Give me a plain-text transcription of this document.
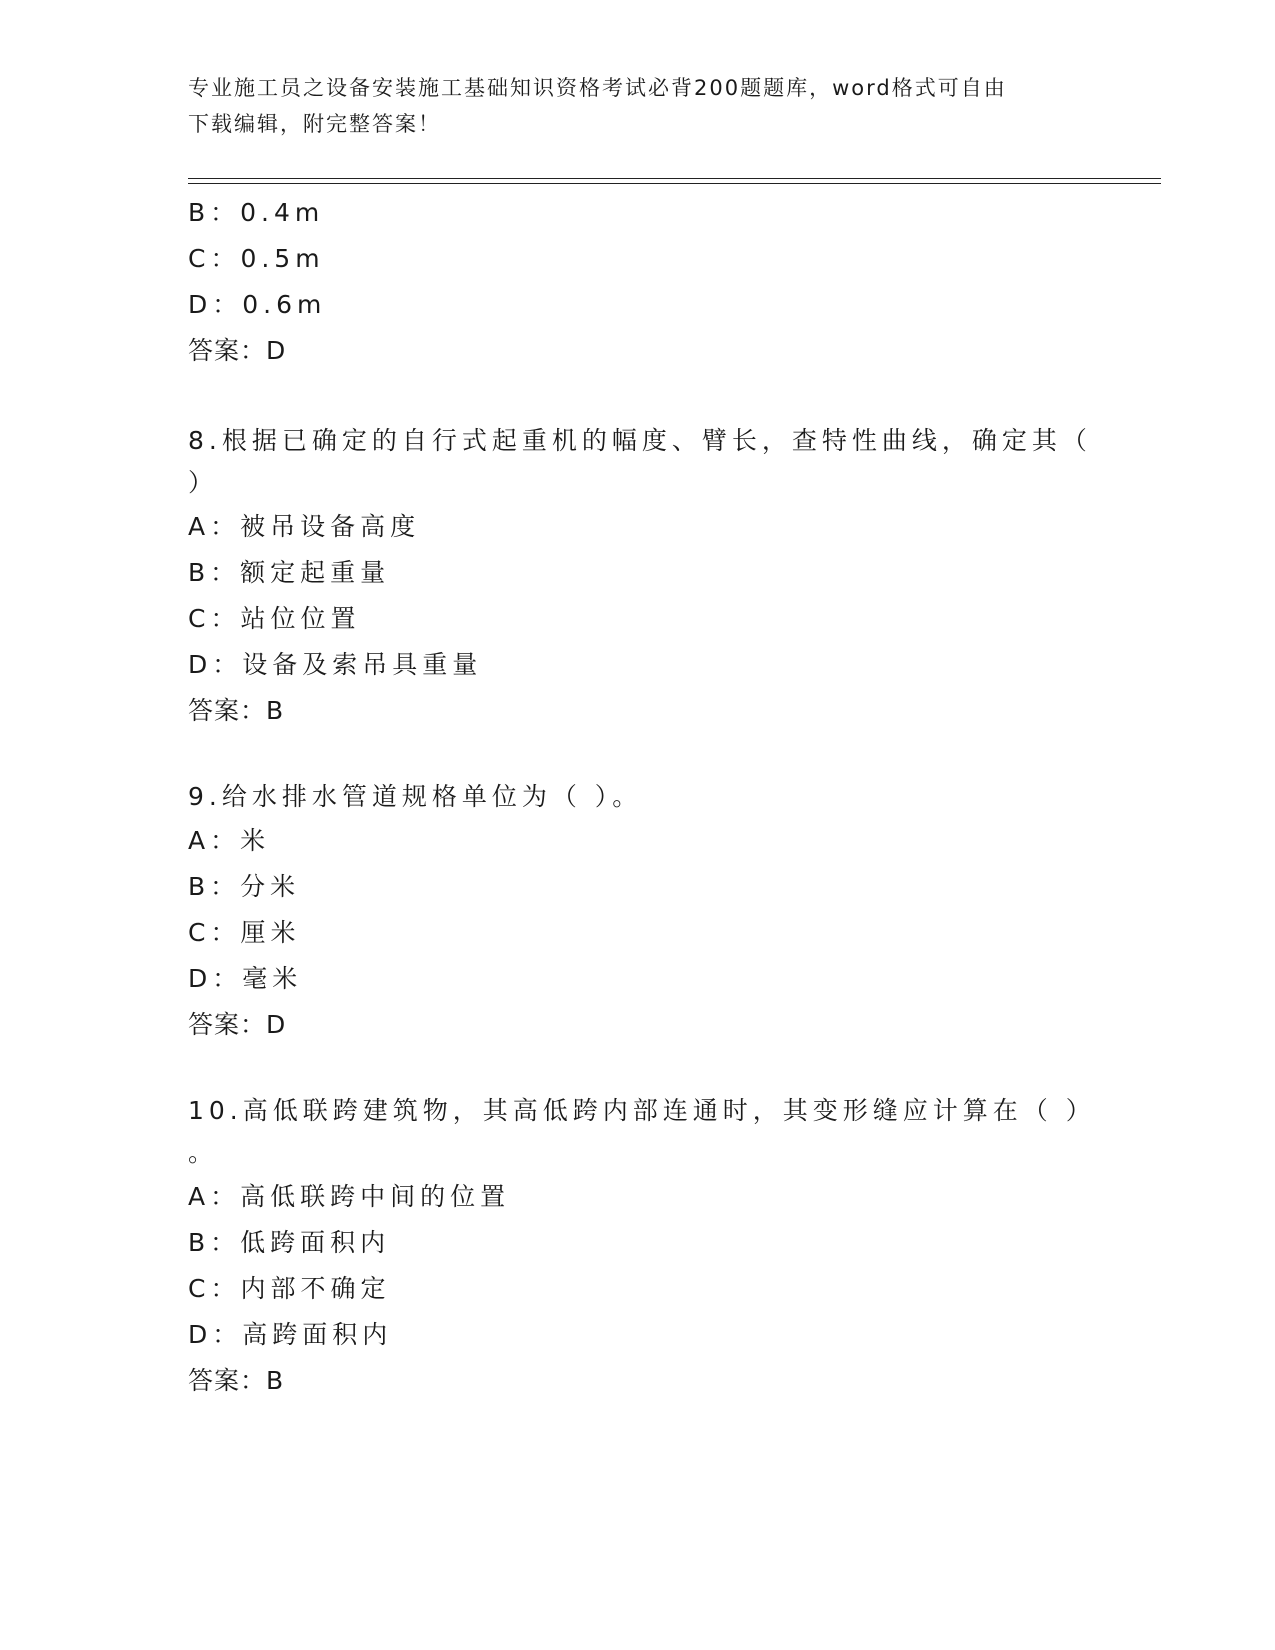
专业施工员之设备安装施工基础知识资格考试必背200题题库，word格式可自由
下载编辑，附完整答案！
B：0.4m
C：0.5m
D：0.6m
答案：D
8.根据已确定的自行式起重机的幅度、臂长，查特性曲线，确定其（
）
A：被吊设备高度
B：额定起重量
C：站位位置
D：设备及索吊具重量
答案：B
9.给水排水管道规格单位为（ ）。
A：米
B：分米
C：厘米
D：毫米
答案：D
10.高低联跨建筑物，其高低跨内部连通时，其变形缝应计算在（ ）
。
A：高低联跨中间的位置
B：低跨面积内
C：内部不确定
D：高跨面积内
答案：B
